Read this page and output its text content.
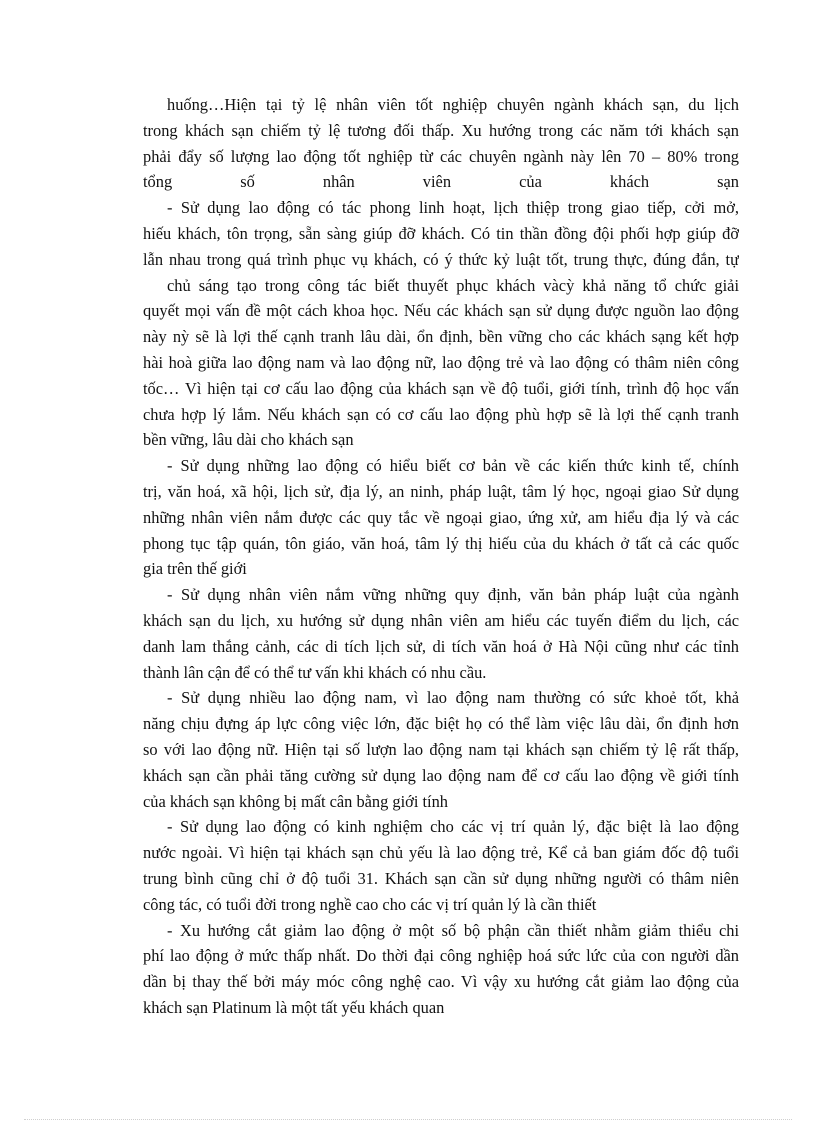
huống…Hiện tại tỷ lệ nhân viên tốt nghiệp chuyên ngành khách sạn, du lịch
trong khách sạn chiếm tỷ lệ tương đối thấp. Xu hướng trong các năm tới khách sạn
phải đẩy số lượng lao động tốt nghiệp từ các chuyên ngành này lên 70 – 80% trong
tổng số nhân viên của khách sạn
- Sử dụng lao động có tác phong linh hoạt, lịch thiệp trong giao tiếp, cởi mở,
hiếu khách, tôn trọng, sẵn sàng giúp đỡ khách. Có tin thần đồng đội phối hợp giúp đỡ
lẫn nhau trong quá trình phục vụ khách, có ý thức kỷ luật tốt, trung thực, đúng đắn, tự
chủ sáng tạo trong công tác biết thuyết phục khách vàcỳ khả năng tổ chức giải
quyết mọi vấn đề một cách khoa học. Nếu các khách sạn sử dụng được nguồn lao động
này nỳ sẽ là lợi thế cạnh tranh lâu dài, ổn định, bền vững cho các khách sạng kết hợp
hài hoà giữa lao động nam và lao động nữ, lao động trẻ và lao động có thâm niên công
tốc… Vì hiện tại cơ cấu lao động của khách sạn về độ tuổi, giới tính, trình độ học vấn
chưa hợp lý lắm. Nếu khách sạn có cơ cấu lao động phù hợp sẽ là lợi thế cạnh tranh
bền vững, lâu dài cho khách sạn
- Sử dụng những lao động có hiểu biết cơ bản về các kiến thức kinh tế, chính
trị, văn hoá, xã hội, lịch sử, địa lý, an ninh, pháp luật, tâm lý học, ngoại giao Sử dụng
những nhân viên nắm được các quy tắc về ngoại giao, ứng xử, am hiểu địa lý và các
phong tục tập quán, tôn giáo, văn hoá, tâm lý thị hiếu của du khách ở tất cả các quốc
gia trên thế giới
- Sử dụng nhân viên nắm vững những quy định, văn bản pháp luật của ngành
khách sạn du lịch, xu hướng sử dụng nhân viên am hiểu các tuyến điểm du lịch, các
danh lam thắng cảnh, các di tích lịch sử, di tích văn hoá ở Hà Nội cũng như các tỉnh
thành lân cận để có thể tư vấn khi khách có nhu cầu.
- Sử dụng nhiều lao động nam, vì lao động nam thường có sức khoẻ tốt, khả
năng chịu đựng áp lực công việc lớn, đặc biệt họ có thể làm việc lâu dài, ổn định hơn
so với lao động nữ. Hiện tại số lượn lao động nam tại khách sạn chiếm tỷ lệ rất thấp,
khách sạn cần phải tăng cường sử dụng lao động nam để cơ cấu lao động về giới tính
của khách sạn không bị mất cân bằng giới tính
- Sử dụng lao động có kinh nghiệm cho các vị trí quản lý, đặc biệt là lao động
nước ngoài. Vì hiện tại khách sạn chủ yếu là lao động trẻ, Kể cả ban giám đốc độ tuổi
trung bình cũng chỉ ở độ tuổi 31. Khách sạn cần sử dụng những người có thâm niên
công tác, có tuổi đời trong nghề cao cho các vị trí quản lý là cần thiết
- Xu hướng cắt giảm lao động ở một số bộ phận cần thiết nhằm giảm thiểu chi
phí lao động ở mức thấp nhất. Do thời đại công nghiệp hoá sức lức của con người dần
dần bị thay thế bởi máy móc công nghệ cao. Vì vậy xu hướng cắt giảm lao động của
khách sạn Platinum là một tất yếu khách quan
